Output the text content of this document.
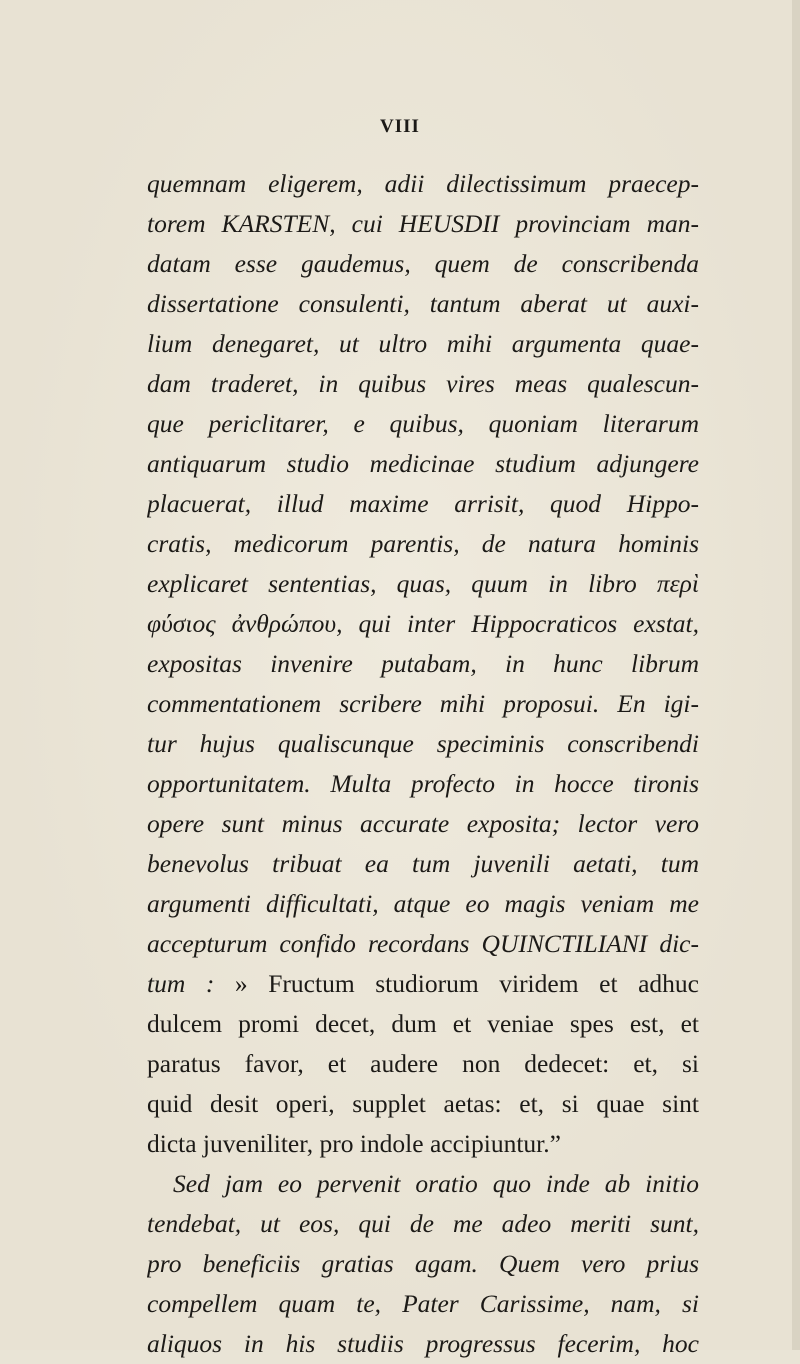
VIII
quemnam eligerem, adii dilectissimum praecep-
torem KARSTEN, cui HEUSDII provinciam man-
datam esse gaudemus, quem de conscribenda
dissertatione consulenti, tantum aberat ut auxi-
lium denegaret, ut ultro mihi argumenta quae-
dam traderet, in quibus vires meas qualescun-
que periclitarer, e quibus, quoniam literarum
antiquarum studio medicinae studium adjungere
placuerat, illud maxime arrisit, quod Hippo-
cratis, medicorum parentis, de natura hominis
explicaret sententias, quas, quum in libro περὶ
φύσιος ἀνθρώπου, qui inter Hippocraticos exstat,
expositas invenire putabam, in hunc librum
commentationem scribere mihi proposui. En igi-
tur hujus qualiscunque speciminis conscribendi
opportunitatem. Multa profecto in hocce tironis
opere sunt minus accurate exposita; lector vero
benevolus tribuat ea tum juvenili aetati, tum
argumenti difficultati, atque eo magis veniam me
accepturum confido recordans QUINCTILIANI dic-
tum : » Fructum studiorum viridem et adhuc
dulcem promi decet, dum et veniae spes est, et
paratus favor, et audere non dedecet: et, si
quid desit operi, supplet aetas: et, si quae sint
dicta juveniliter, pro indole accipiuntur.”
Sed jam eo pervenit oratio quo inde ab initio
tendebat, ut eos, qui de me adeo meriti sunt,
pro beneficiis gratias agam. Quem vero prius
compellem quam te, Pater Carissime, nam, si
aliquos in his studiis progressus fecerim, hoc
